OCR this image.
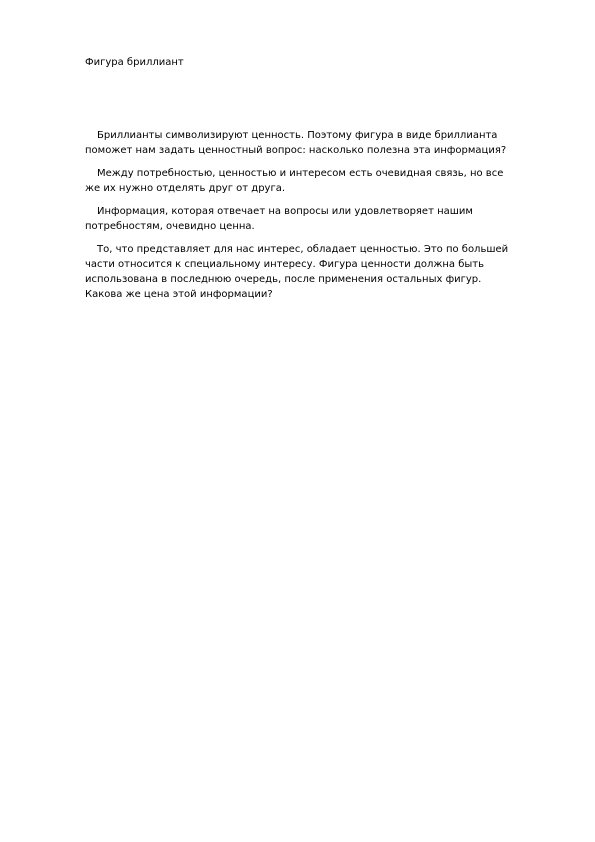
Фигура бриллиант

Бриллианты символизируют ценность. Поэтому фигура в виде бриллианта
поможет нам задать ценностный вопрос: насколько полезна эта информация?

Между потребностью, ценностью и интересом есть очевидная связь, но все
же их нужно отделять друг от друга.

Информация, которая отвечает на вопросы или удовлетворяет нашим
потребностям, очевидно ценна.

То, что представляет для нас интерес, обладает ценностью. Это по большей
части относится к специальному интересу. Фигура ценности должна быть
использована в последнюю очередь, после применения остальных фигур.
Какова же цена этой информации?
